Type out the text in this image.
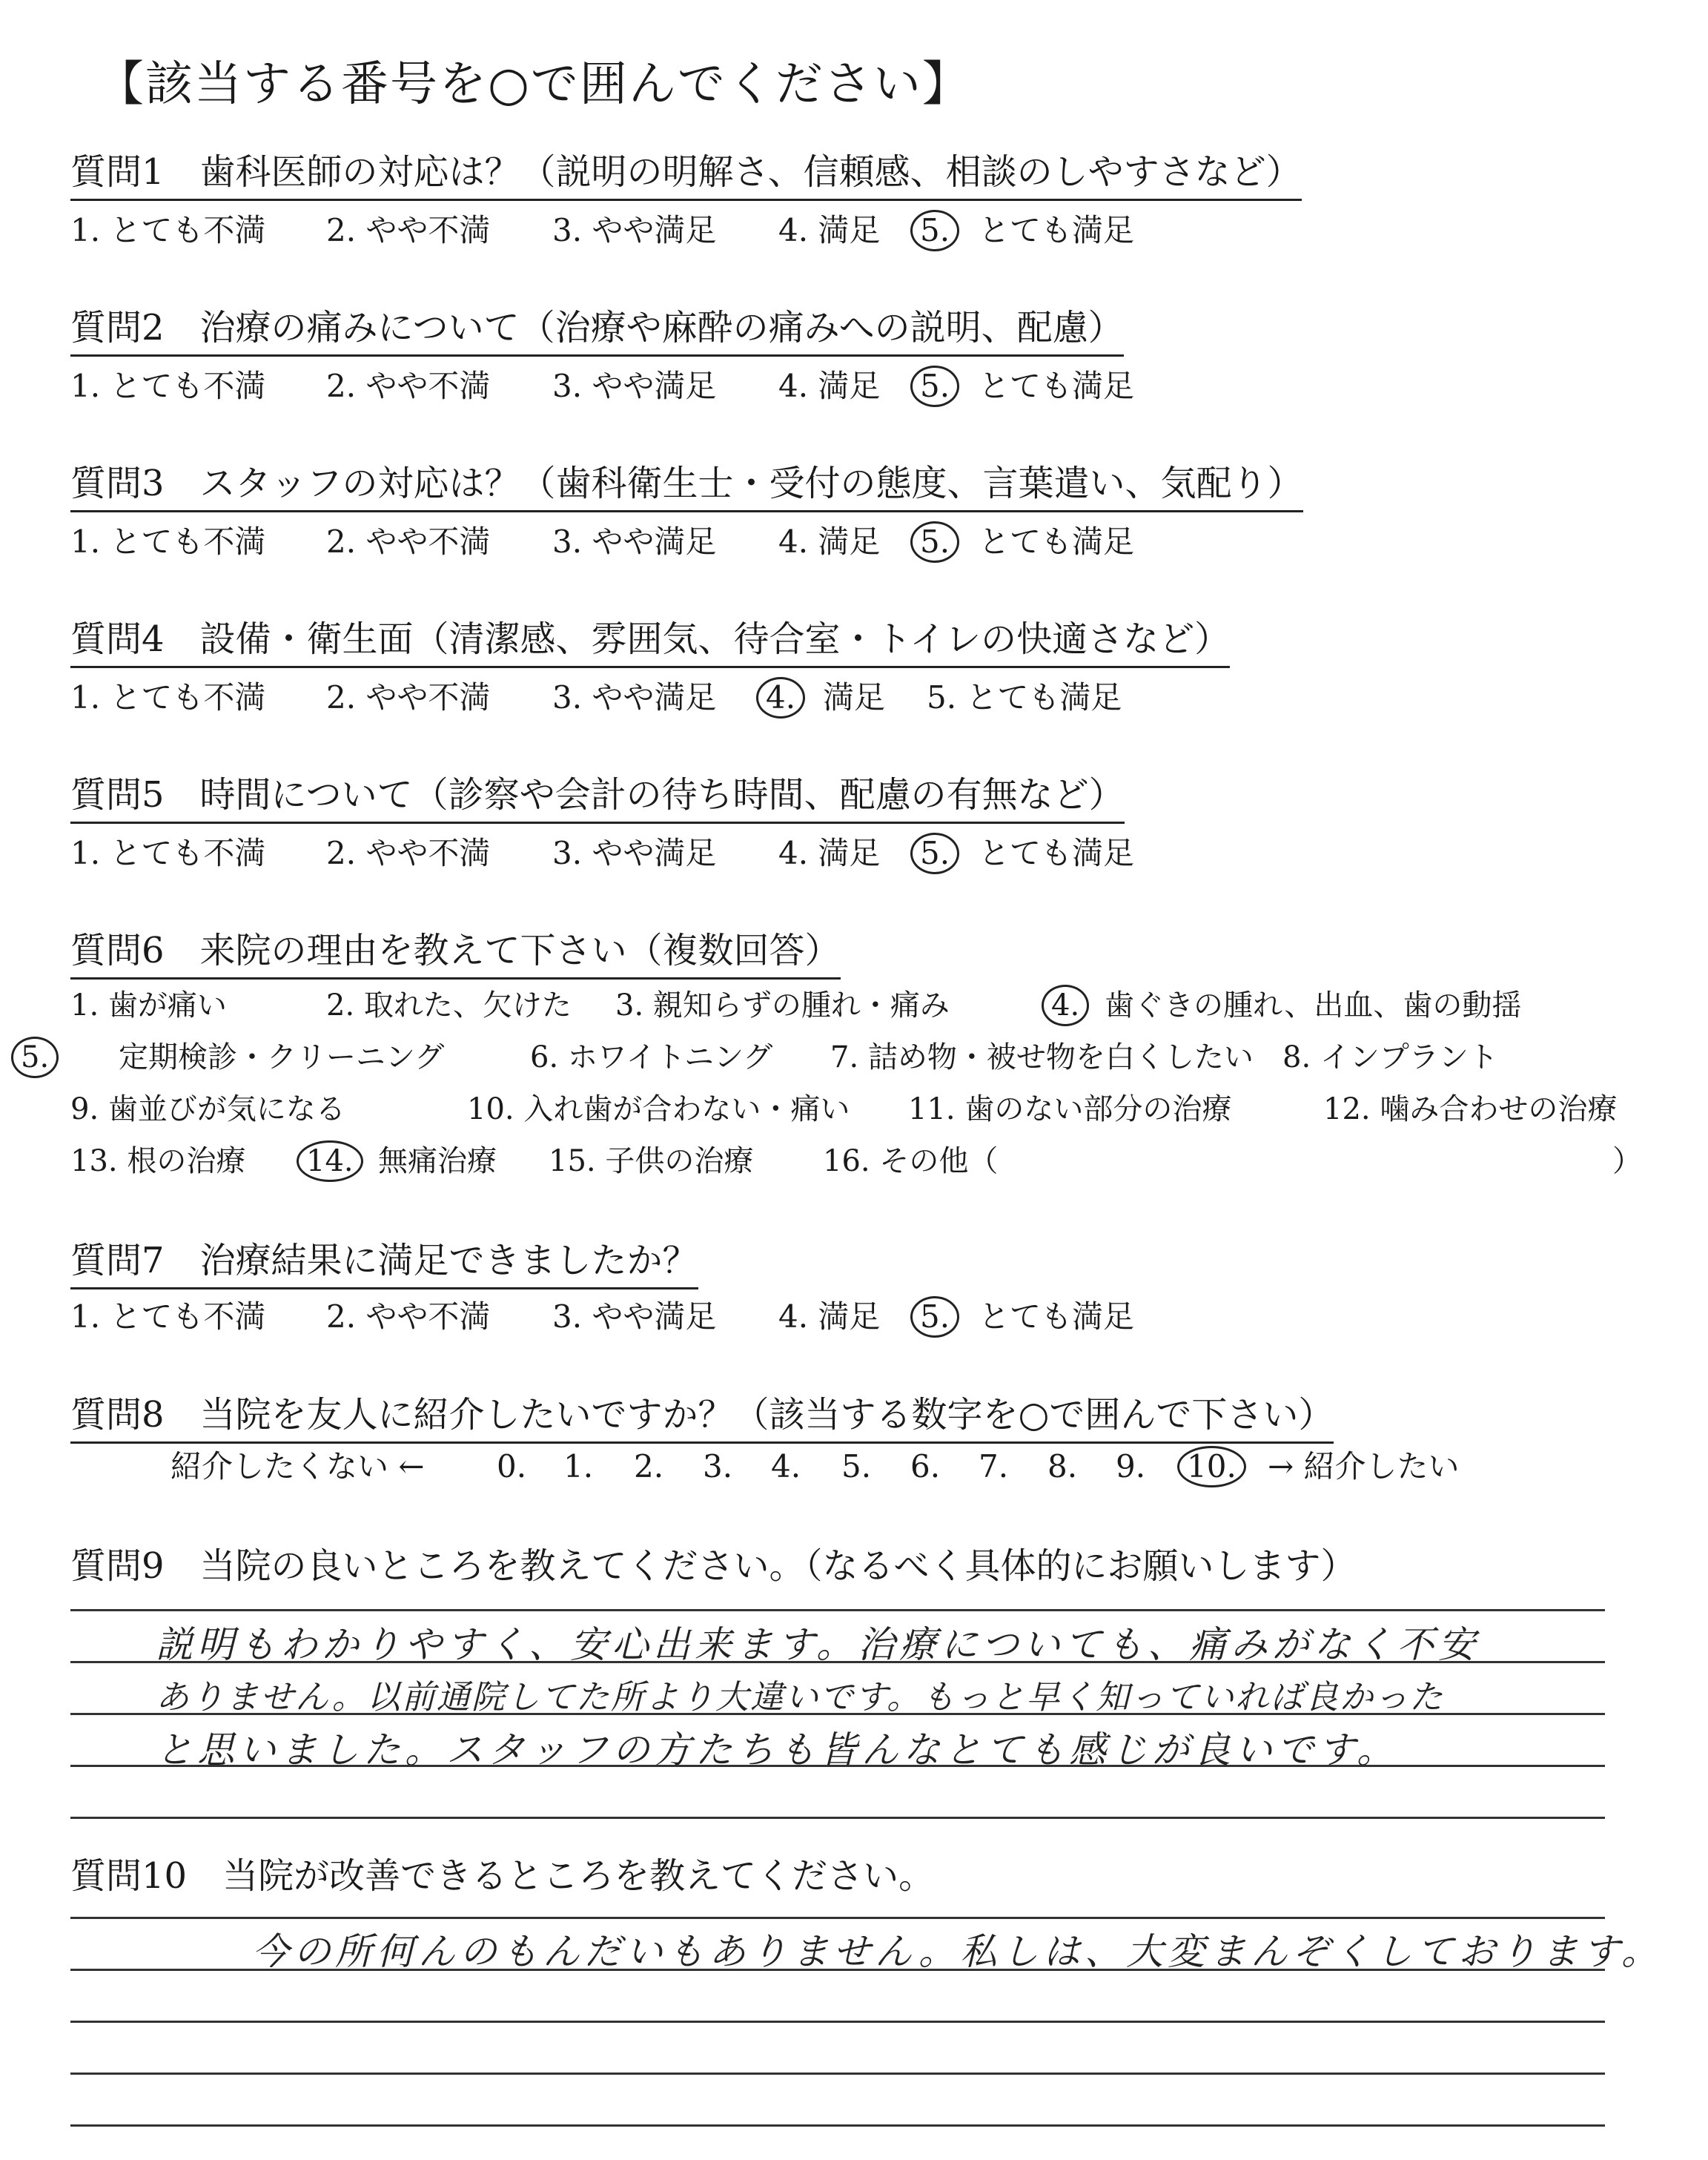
【該当する番号を○で囲んでください】
質問1　歯科医師の対応は？（説明の明解さ、信頼感、相談のしやすさなど）
1. とても不満 2. やや不満 3. やや満足 4. 満足	5. とても満足
質問2　治療の痛みについて（治療や麻酔の痛みへの説明、配慮）
1. とても不満 2. やや不満 3. やや満足 4. 満足	5. とても満足
質問3　スタッフの対応は？（歯科衛生士・受付の態度、言葉遣い、気配り）
1. とても不満 2. やや不満 3. やや満足 4. 満足	5. とても満足
質問4　設備・衛生面（清潔感、雰囲気、待合室・トイレの快適さなど）
1. とても不満 2. やや不満 3. やや満足	4. 満足 5. とても満足
質問5　時間について（診察や会計の待ち時間、配慮の有無など）
1. とても不満 2. やや不満 3. やや満足 4. 満足	5. とても満足
質問6　来院の理由を教えて下さい（複数回答）
1. 歯が痛い	2. 取れた、欠けた 3. 親知らずの腫れ・痛み	4. 歯ぐきの腫れ、出血、歯の動揺
5.	定期検診・クリーニング	6. ホワイトニング 7. 詰め物・被せ物を白くしたい 8. インプラント
9. 歯並びが気になる	10. 入れ歯が合わない・痛い 11. 歯のない部分の治療	12. 噛み合わせの治療
13. 根の治療	14. 無痛治療 15. 子供の治療 16. その他（	）
質問7　治療結果に満足できましたか？
1. とても不満 2. やや不満 3. やや満足 4. 満足	5. とても満足
質問8　当院を友人に紹介したいですか？（該当する数字を○で囲んで下さい）
紹介したくない ← 0. 1. 2. 3. 4. 5. 6. 7. 8. 9.	10.	→ 紹介したい
質問9　当院の良いところを教えてください。（なるべく具体的にお願いします）
説明もわかりやすく、安心出来ます。治療についても、痛みがなく不安
ありません。以前通院してた所より大違いです。もっと早く知っていれば良かった
と思いました。スタッフの方たちも皆んなとても感じが良いです。
質問10　当院が改善できるところを教えてください。
今の所何んのもんだいもありません。私しは、大変まんぞくしております。
